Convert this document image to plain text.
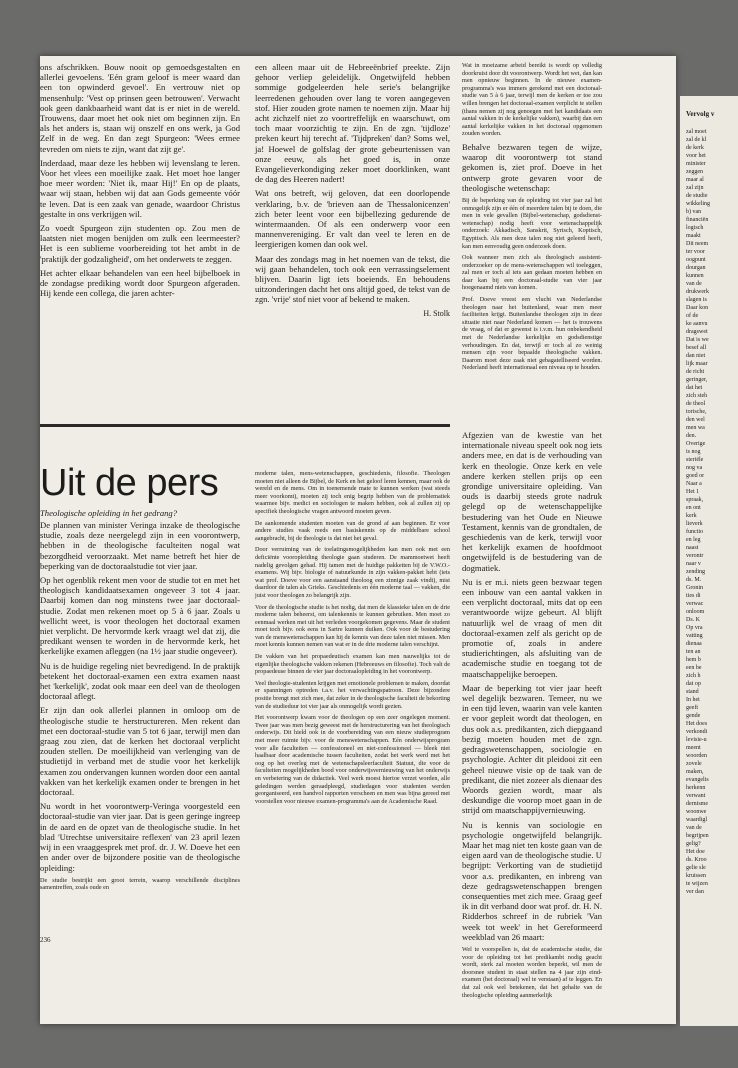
Vervolg v
zal moet
zal de kl
de kerk
voor het
minister
zeggen
maar al
zal zijn
de studie
wikkeling
b) van
financiën
logisch
maakt
Dit neem
ter voor
oogpunt
dourgan
kunnen
van de
drukwerk
slagen is
Daar kon
of de
ke aanvu
dragswet
Dat is we
besef all
dan niet
lijk maar
de richt
geringer,
dat het
zich steh
de theol
torische,
den wel
men wa
den.
Overige
is nog
steriële
nog va
goed or
Naar a
Het 1
spraak,
en ont
kerk
lieverk
functio
en leg
naast
verontr
naar v
zending
ds. M.
Gronin
ties di
verwac
onloom
Ds. K
Op vra
vatting
dienaa
ten an
hem b
een be
zich h
dat op
stand
In het
geeft
gende
Het does
verkondi
levisie-u
meent
woorden
zovele
maken,
evangelis
herkenn
verwant
dernisme
woonwe
waardigl
van de
begrijpen
gelig?
Het doe
ds. Kroo
gelie sle
kruissen
te wijzen
ver dan

ons afschrikken. Bouw nooit op gemoedsgestalten en allerlei gevoelens. 'Eén gram geloof is meer waard dan een ton opwinderd gevoel'. En vertrouw niet op mensenhulp: 'Vest op prinsen geen betrouwen'. Verwacht ook geen dankbaarheid want dat is er niet in de wereld. Trouwens, daar moet het ook niet om beginnen zijn. En als het anders is, staan wij onszelf en ons werk, ja God Zelf in de weg. En dan zegt Spurgeon: 'Wees ermee tevreden om niets te zijn, want dat zijt ge'.

Inderdaad, maar deze les hebben wij levenslang te leren. Voor het vlees een moeilijke zaak. Het moet hoe langer hoe meer worden: 'Niet ik, maar Hij!' En op de plaats, waar wij staan, hebben wij dat aan Gods gemeente vóór te leven. Dat is een zaak van genade, waardoor Christus gestalte in ons verkrijgen wil.

Zo voedt Spurgeon zijn studenten op. Zou men de laatsten niet mogen benijden om zulk een leermeester? Het is een sublieme voorbereiding tot het ambt in de 'praktijk der godzaligheid', om het onderwets te zeggen.

Het achter elkaar behandelen van een heel bijbelboek in de zondagse prediking wordt door Spurgeon afgeraden. Hij kende een collega, die jaren achter-

een alleen maar uit de Hebreeënbrief preekte. Zijn gehoor verliep geleidelijk. Ongetwijfeld hebben sommige godgeleerden hele serie's belangrijke leerredenen gehouden over lang te voren aangegeven stof. Hier zouden grote namen te noemen zijn. Maar hij acht zichzelf niet zo voortreffelijk en waarschuwt, om toch maar voorzichtig te zijn. En de zgn. 'tijdloze' preken keurt hij terecht af. 'Tijdpreken' dan? Soms wel, ja! Hoewel de golfslag der grote gebeurtenissen van onze eeuw, als het goed is, in onze Evangelieverkondiging zeker moet doorklinken, want de dag des Heeren nadert!

Wat ons betreft, wij geloven, dat een doorlopende verklaring, b.v. de 'brieven aan de Thessalonicenzen' zich beter leent voor een bijbellezing gedurende de wintermaanden. Of als een onderwerp voor een mannenvereniging. Er valt dan veel te leren en de leergierigen komen dan ook wel.

Maar des zondags mag in het noemen van de tekst, die wij gaan behandelen, toch ook een verrassingselement blijven. Daarin ligt iets boeiends. En behoudens uitzonderingen dacht het ons altijd goed, de tekst van de zgn. 'vrije' stof niet voor af bekend te maken.

H. Stolk

Wat in moeizame arbeid bereikt is wordt op volledig doorkruist door dit voorontwerp. Wordt het wet, dan kan men opnieuw beginnen. In de nieuwe examen-programma's was immers gerekend met een doctoraal-studie van 5 à 6 jaar, terwijl men de kerken er toe zou willen brengen het doctoraal-examen verplicht te stellen (thans nemen zij nog genoegen met het kandidaats een aantal vakken in de kerkelijke vakken), waarbij dan een aantal kerkelijke vakken in het doctoraal opgenomen zouden worden.

Behalve bezwaren tegen de wijze, waarop dit voorontwerp tot stand gekomen is, ziet prof. Doeve in het ontwerp grote gevaren voor de theologische wetenschap:

Bij de beperking van de opleiding tot vier jaar zal het onmogelijk zijn er één of meerdere talen bij te doen, die men in vele gevallen (Bijbel-wetenschap, godsdienst-wetenschap) nodig heeft voor wetenschappelijk onderzoek: Akkadisch, Sanskrit, Syrisch, Koptisch, Egyptisch. Als men deze talen nog niet geleerd heeft, kan men eenvoudig geen onderzoek doen.

Ook wanneer men zich als theologisch assistent-onderzoeker op de mens-wetenschappen wil toeleggen, zal men er toch al iets aan gedaan moeten hebben en daar kan bij een doctoraal-studie van vier jaar hoegenaamd niets van komen.

Prof. Doeve vreest een vlucht van Nederlandse theologen naar het buitenland, waar men meer faciliteiten krijgt. Buitenlandse theologen zijn in deze situatie niet naar Nederland komen — het is trouwens de vraag, of dat er gewenst is i.v.m. hun onbekendheid met de Nederlandse kerkelijke en godsdienstige verhoudingen. En dat, terwijl er toch al zo weinig mensen zijn voor bepaalde theologische vakken. Daarom moet deze zaak niet gebagatelliseerd worden. Nederland heeft internationaal een niveau op te houden.

Uit de pers
Theologische opleiding in het gedrang?

De plannen van minister Veringa inzake de theologische studie, zoals deze neergelegd zijn in een voorontwerp, hebben in de theologische faculteiten nogal wat bezorgdheid veroorzaakt. Met name betreft het hier de beperking van de doctoraalstudie tot vier jaar.

Op het ogenblik rekent men voor de studie tot en met het theologisch kandidaatsexamen ongeveer 3 tot 4 jaar. Daarbij komen dan nog minstens twee jaar doctoraal-studie. Zodat men rekenen moet op 5 à 6 jaar. Zoals u wellicht weet, is voor theologen het doctoraal examen niet verplicht. De hervormde kerk vraagt wel dat zij, die predikant wensen te worden in de hervormde kerk, het kerkelijke examen afleggen (na 1½ jaar studie ongeveer).

Nu is de huidige regeling niet bevredigend. In de praktijk betekent het doctoraal-examen een extra examen naast het 'kerkelijk', zodat ook maar een deel van de theologen doctoraal aflegt.

Er zijn dan ook allerlei plannen in omloop om de theologische studie te herstructureren. Men rekent dan met een doctoraal-studie van 5 tot 6 jaar, terwijl men dan graag zou zien, dat de kerken het doctoraal verplicht zouden stellen. De moeilijkheid van verlenging van de studietijd in verband met de studie voor het kerkelijk examen zou ondervangen kunnen worden door een aantal vakken van het kerkelijk examen onder te brengen in het doctoraal.

Nu wordt in het voorontwerp-Veringa voorgesteld een doctoraal-studie van vier jaar. Dat is geen geringe ingreep in de aard en de opzet van de theologische studie. In het blad 'Utrechtse universitaire reflexen' van 23 april lezen wij in een vraaggesprek met prof. dr. J. W. Doeve het een en ander over de bijzondere positie van de theologische opleiding:

De studie bestrijkt een groot terrein, waarop verschillende disciplines samentreffen, zoals oude en

moderne talen, mens-wetenschappen, geschiedenis, filosofie. Theologen moeten niet alleen de Bijbel, de Kerk en het geloof leren kennen, maar ook de wereld en de mens. Om in toenemende mate te kunnen werken (wat steeds meer voorkomt), moeten zij toch enig begrip hebben van de problematiek waarmee bijv. medici en sociologen te maken hebben, ook al zullen zij op specifiek theologische vragen antwoord moeten geven.

De aankomende studenten moeten van de grond af aan beginnen. Er voor andere studies vaak reeds een basiskennis op de middelbare school aangebracht, bij de theologie is dat niet het geval.

Door verruiming van de toelatingsmogelijkheden kan men ook met een deficiënte vooropleiding theologie gaan studeren. De mammoetwet heeft nadelig gevolgen gehad. Hij tamen met de huidige pakketten bij de V.W.O.-examens. Wij bijv. biologie of natuurkunde in zijn vakken-pakket hebt (iets wat prof. Doeve voor een aanstaand theoloog een zinnige zaak vindt), mist daardoor de talen als Grieks. Geschiedenis en één moderne taal — vakken, die juist voor theologen zo belangrijk zijn.

Voor de theologische studie is het nodig, dat men de klassieke talen en de drie moderne talen beheerst, om talenkennis te kunnen gebruiken. Men moet zo eenmaal werken met uit het verleden voorgekomen gegevens. Maar de student moet toch bijv. ook eens in Sartre kunnen duiken. Ook voor de bestudering van de menswetenschappen kan hij de kennis van deze talen niet missen. Men moet kennis kunnen nemen van wat er in de drie moderne talen verschijnt.

De vakken van het propaedeutisch examen kan men nauwelijks tot de eigenlijke theologische vakken rekenen (Hebreeuws en filosofie). Toch valt de propaedeuse binnen de vier jaar doctoraalopleiding in het voorontwerp.

Veel theologie-studenten krijgen met emotionele problemen te maken, doordat er spanningen optreden t.a.v. het verwachtingspatroon. Deze bijzondere positie brengt met zich mee, dat zeker in de theologische faculteit de bekorting van de studieduur tot vier jaar als onmogelijk wordt gezien.

Het voorontwerp kwam voor de theologen op een zeer ongelegen moment. Twee jaar was men bezig geweest met de herstructurering van het theologisch onderwijs. Dit hield ook in de voorbereiding van een nieuw studieprogram met meer ruimte bijv. voor de menswetenschappen. Eén onderwijsprogram voor alle faculteiten — confessioneel en niet-confessioneel — bleek niet haalbaar door academische tussen faculteiten, zodat het werk werd met het oog op het overleg met de wetenschapsleerfaculteit Statuut, die voor de faculteiten mogelijkheden bood voor onderwijsvernieuwing van het onderwijs en verbetering van de didactiek. Veel werk moest hiertoe verzet worden, alle geledingen werden geraadpleegd, studiedagen voor studenten werden georganiseerd, een handvol rapporten verscheen en men was bijna gereed met voorstellen voor nieuwe examen-programma's aan de Academische Raad.

Afgezien van de kwestie van het internationale niveau speelt ook nog iets anders mee, en dat is de verhouding van kerk en theologie. Onze kerk en vele andere kerken stellen prijs op een grondige universitaire opleiding. Van ouds is daarbij steeds grote nadruk gelegd op de wetenschappelijke bestudering van het Oude en Nieuwe Testament, kennis van de grondtalen, de geschiedenis van de kerk, terwijl voor het kerkelijk examen de hoofdmoot ongetwijfeld is de bestudering van de dogmatiek.

Nu is er m.i. niets geen bezwaar tegen een inbouw van een aantal vakken in een verplicht doctoraal, mits dat op een verantwoorde wijze gebeurt. Al blijft natuurlijk wel de vraag of men dit doctoraal-examen zelf als gericht op de promotie of, zoals in andere studierichtingen, als afsluiting van de academische studie en toegang tot de maatschappelijke beroepen.

Maar de beperking tot vier jaar heeft wel degelijk bezwaren. Temeer, nu we in een tijd leven, waarin van vele kanten er voor gepleit wordt dat theologen, en dus ook a.s. predikanten, zich diepgaand bezig moeten houden met de zgn. gedragswetenschappen, sociologie en psychologie. Achter dit pleidooi zit een geheel nieuwe visie op de taak van de predikant, die niet zozeer als dienaar des Woords gezien wordt, maar als deskundige die voorop moet gaan in de strijd om maatschappijvernieuwing.

Nu is kennis van sociologie en psychologie ongetwijfeld belangrijk. Maar het mag niet ten koste gaan van de eigen aard van de theologische studie. U begrijpt: Verkorting van de studietijd voor a.s. predikanten, en inbreng van deze gedragswetenschappen brengen consequenties met zich mee. Graag geef ik in dit verband door wat prof. dr. H. N. Ridderbos schreef in de rubriek 'Van week tot week' in het Gereformeerd weekblad van 26 maart:

Wel te voorspellen is, dat de academische studie, die voor de opleiding tot het predikambt nodig geacht wordt, sterk zal moeten worden beperkt, wil men de doorsnee student in staat stellen na 4 jaar zijn eind-examen (het doctoraal) wel te verstaan) af te leggen. En dat zal ook wel betekenen, dat het gehalte van de theologische opleiding aanmerkelijk

236
